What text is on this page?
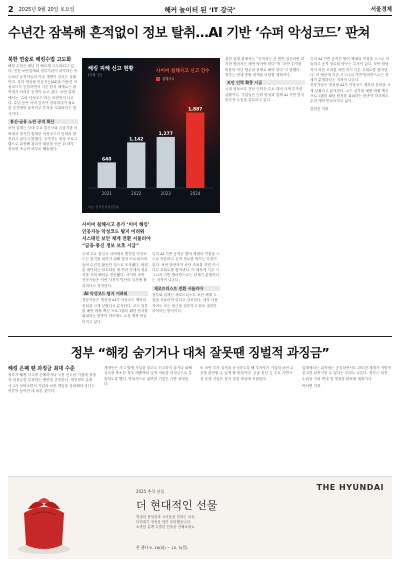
2 2025년 9월 20일 토요일	해커 놀이터 된 ‘IT 강국’	서울경제
수년간 잠복해 흔적없이 정보 탈취…AI 기반 ‘슈퍼 악성코드’ 판쳐
북한 연술로 해킹수법 고도화
해킹 수법은 매년 더 빠르게 고도화되고 있다. 전문 보안업체와 정부기관이 파악하는 속도보다 공격자들의 기술 개발이 앞서는 상황이다. 특히 생성형 인공지능(AI)을 이용한 악성코드가 등장하면서 기존 탐지 체계로는 잡아내기 어려운 공격이 늘고 있다. 보안 업계에서는 ‘슈퍼 악성코드’라는 표현까지 나온다. 수년 동안 서버 깊숙이 잠복하다가 필요한 순간에만 움직이고 흔적을 지워버리는 방식이다.
통신·금융 노린 공격 확산
보안 업계는 국내 주요 통신사와 금융기관 서버에서 장기간 잠복한 악성코드가 잇따라 발견되고 있다고 밝혔다. 공격자는 정상 프로그램으로 위장해 관리자 권한을 얻은 뒤 내부 정보를 조금씩 외부로 빼돌렸다.
640
1,142
1,277
1,887
2021	2022	2023	2024
해킹 피해 신고 현황
(단위: 건)
사이버 침해사고 신고 건수
침해사고
자료: 한국인터넷진흥원
사이버 침해사고 증가 ‘이미 해킹’
인공지능 악성코드 탐지 어려워
서스테인 보안 체계 전환 서둘러야
“금융·통신 정보 보호 시급”
국내 주요 통신사 서버에서 발견된 악성코드는 탐지를 피하기 위해 정상 프로세스에 숨어 수년간 활동한 것으로 조사됐다. 탈취된 데이터는 암호화된 채 여러 단계의 경유지를 거쳐 해외로 전송됐다. 사이버 보안 전문가들은 이번 사건이 빙산의 일각에 불과하다고 지적한다.
AI 악성코드 탐지 어려워
전문가들은 생성형 AI가 악성코드 제작의 문턱을 크게 낮췄다고 분석한다. 코드 일부를 매번 바꿔 백신 프로그램의 패턴 탐지를 회피하는 변종이 하루에도 수천 개씩 만들어지고 있다.
특히 AI 기반 공격은 방어 체계의 약점을 스스로 학습하고 공격 경로를 바꾸는 특징이 있다. 보안 담당자가 차단 조치를 하면 즉시 다른 우회로를 찾아낸다. 이 때문에 기존 시그니처 기반 방어만으로는 한계가 분명하다는 지적이 나온다.
제로트러스트 전환 서둘러야
정부와 업계는 제로트러스트 보안 체계 도입을 서둘러야 한다고 강조한다. 내부 사용자라도 모든 접근을 검증하고 최소 권한만 부여하는 방식이다.
관련 업계 관계자는 “공격자는 한 번만 성공하면 되지만 방어자는 매번 막아야 한다”며 “보안 투자를 비용이 아닌 생존의 문제로 봐야 한다”고 말했다. 정부는 연내 종합 대책을 마련할 계획이다.
보안 인력 확충 시급
국내 정보보호 전문 인력은 수요 대비 크게 부족한 상황이다. 기업들은 인력 양성과 함께 AI 기반 탐지 솔루션 도입을 검토하고 있다.
특히 AI 기반 공격은 방어 체계의 약점을 스스로 학습하고 공격 경로를 바꾸는 특징이 있다. 보안 담당자가 차단 조치를 하면 즉시 다른 우회로를 찾아낸다. 이 때문에 기존 시그니처 기반 방어만으로는 한계가 분명하다는 지적이 나온다.
전문가들은 생성형 AI가 악성코드 제작의 문턱을 크게 낮췄다고 분석한다. 코드 일부를 매번 바꿔 백신 프로그램의 패턴 탐지를 회피하는 변종이 하루에도 수천 개씩 만들어지고 있다.
김민준 기자
정부 “해킹 숨기거나 대처 잘못땐 징벌적 과징금”
해킹 은폐 땐 과징금 최대 수준
정부가 해킹 사고를 은폐하거나 늑장 신고한 기업에 징벌적 과징금을 부과하는 방안을 추진한다. 개인정보 유출 사고가 잇따르면서 기업의 보안 책임을 강화해야 한다는 여론이 높아진 데 따른 것이다.
개정안은 사고 발생 사실을 알고도 신고하지 않거나 피해 규모를 축소한 경우 매출액의 일정 비율을 과징금으로 부과하도록 했다. 반복적으로 위반한 기업은 가중 처벌된다.
또 보안 투자 실적을 공시하도록 해 투자자가 기업의 보안 수준을 판단할 수 있게 할 방침이다. 금융·통신 등 주요 기반시설 운영 기업은 정기 점검 대상에 포함된다.
업계에서는 취지에는 공감하면서도 과도한 제재가 자발적 신고를 위축시킬 수 있다는 우려도 나온다. 정부는 의견 수렴을 거쳐 연내 법 개정을 완료할 계획이다.
이서연 기자
THE HYUNDAI
2025 추석 선물
더 현대적인 선물
명절의 풍성함과 고마움을 전하는 마음,
더현대가 정성을 담아 준비했습니다.
소중한 분께 특별한 선물을 전해보세요.
본 행사 9. 16(화) ~ 10. 5(일)
